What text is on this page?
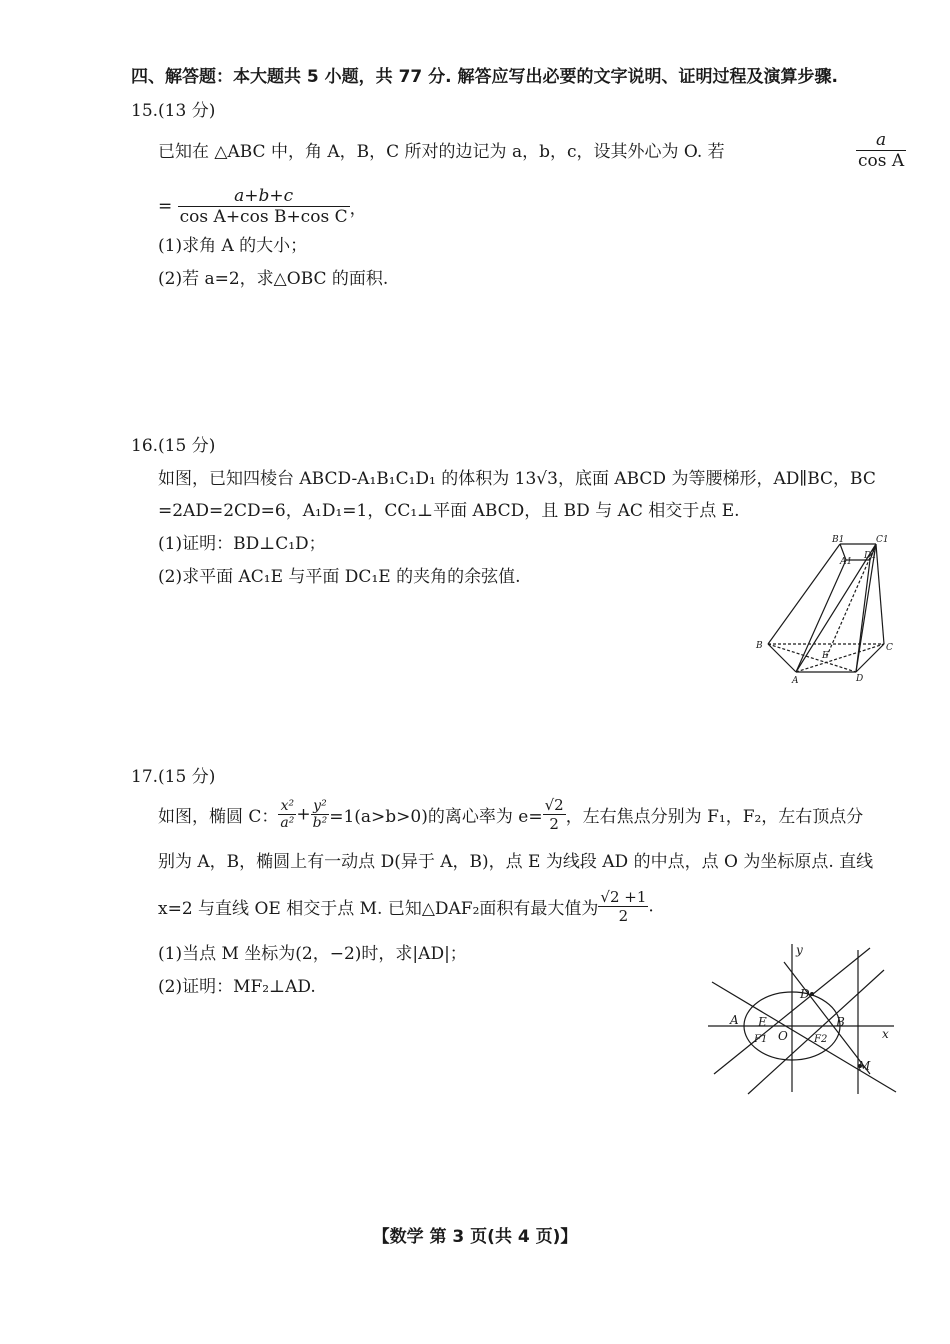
四、解答题：本大题共 5 小题，共 77 分. 解答应写出必要的文字说明、证明过程及演算步骤.
15.(13 分)
已知在 △ABC 中，角 A，B，C 所对的边记为 a，b，c，设其外心为 O. 若	$\frac{a}{\text{cos A}}$
= $\frac{a+b+c}{\text{cos A+cos B+cos C}}$ ，
(1)求角 A 的大小；
(2)若 a=2，求△OBC 的面积.
16.(15 分)
如图，已知四棱台 ABCD-A₁B₁C₁D₁ 的体积为 13√3，底面 ABCD 为等腰梯形，AD∥BC，BC
=2AD=2CD=6，A₁D₁=1，CC₁⊥平面 ABCD，且 BD 与 AC 相交于点 E.
(1)证明：BD⊥C₁D；
(2)求平面 AC₁E 与平面 DC₁E 的夹角的余弦值.
B1	C1
A1
D1
B	C
E
A	D
17.(15 分)
如图，椭圆 C： $\frac{\text{x²}}{\text{a²}} + \frac{\text{y²}}{\text{b²}} =1(a>b>0)$的离心率为 $e= \frac{√2}{2}$ ，左右焦点分别为 F₁，F₂，左右顶点分
别为 A，B，椭圆上有一动点 D(异于 A，B)，点 E 为线段 AD 的中点，点 O 为坐标原点. 直线
x=2 与直线 OE 相交于点 M. 已知△DAF₂面积有最大值为 $\frac{√2 +1}{2}$ .
(1)当点 M 坐标为(2，−2)时，求|AD|；
(2)证明：MF₂⊥AD.
y
D
A E
O
B
x
F1	F2
M
【数学 第 3 页(共 4 页)】
